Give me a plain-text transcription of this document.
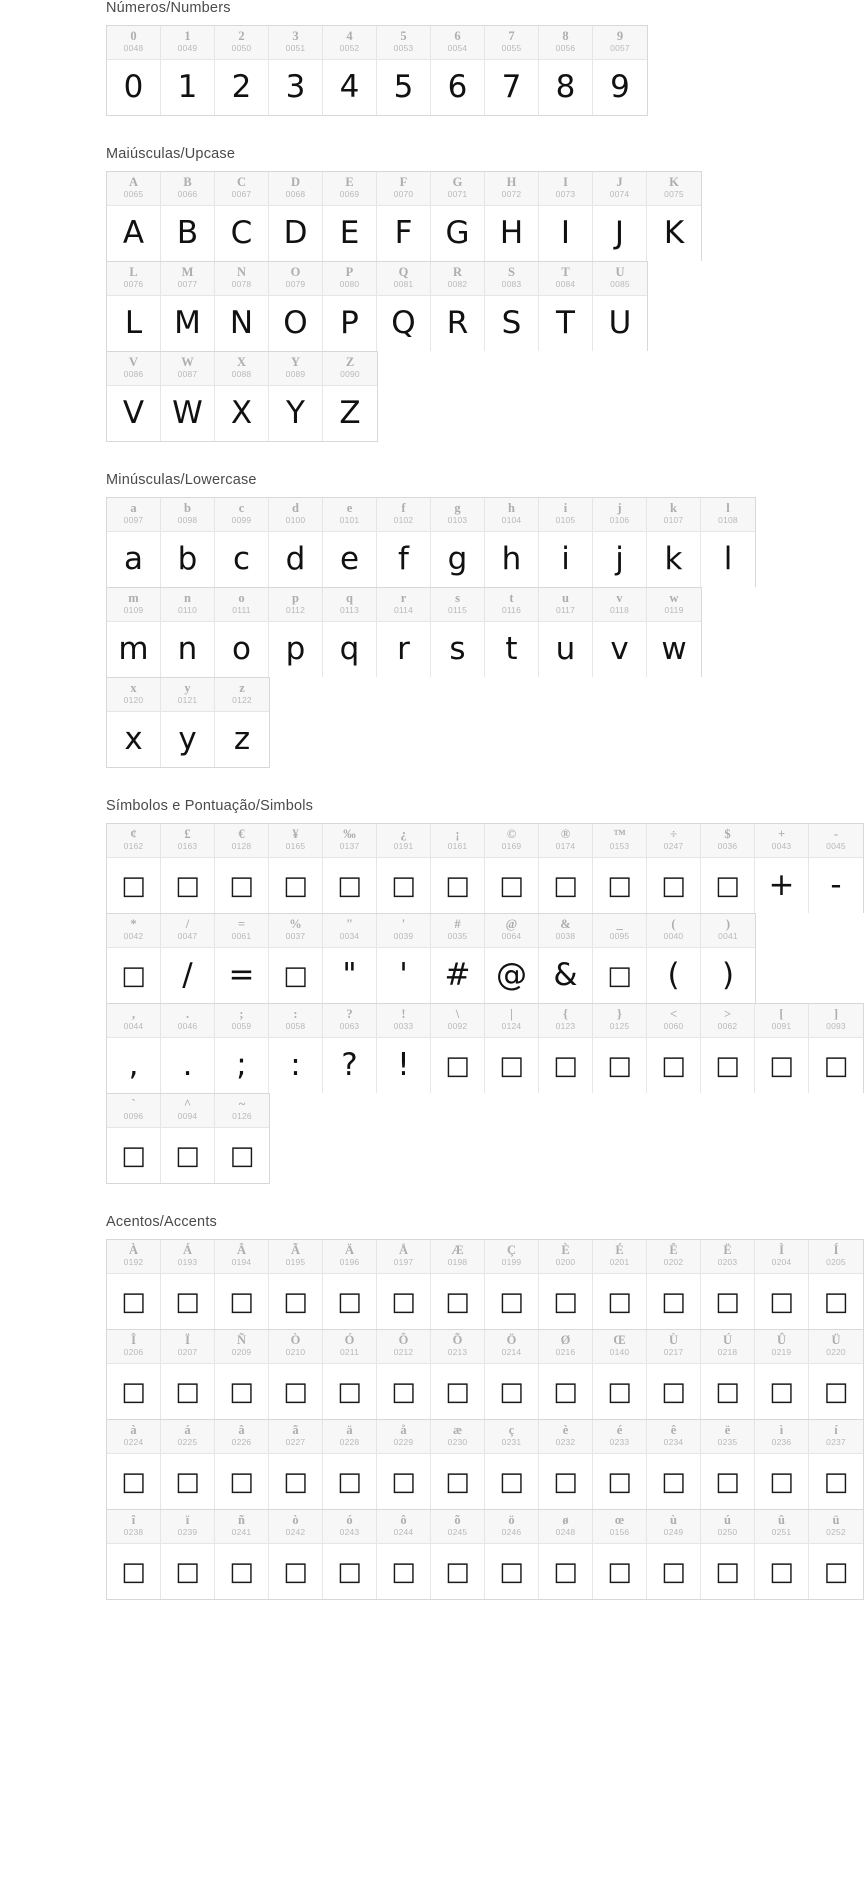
Números/Numbers
0
0048
0
1
0049
1
2
0050
2
3
0051
3
4
0052
4
5
0053
5
6
0054
6
7
0055
7
8
0056
8
9
0057
9
Maiúsculas/Upcase
A
0065
A
B
0066
B
C
0067
C
D
0068
D
E
0069
E
F
0070
F
G
0071
G
H
0072
H
I
0073
I
J
0074
J
K
0075
K
L
0076
L
M
0077
M
N
0078
N
O
0079
O
P
0080
P
Q
0081
Q
R
0082
R
S
0083
S
T
0084
T
U
0085
U
V
0086
V
W
0087
W
X
0088
X
Y
0089
Y
Z
0090
Z
Minúsculas/Lowercase
a
0097
a
b
0098
b
c
0099
c
d
0100
d
e
0101
e
f
0102
f
g
0103
g
h
0104
h
i
0105
i
j
0106
j
k
0107
k
l
0108
l
m
0109
m
n
0110
n
o
0111
o
p
0112
p
q
0113
q
r
0114
r
s
0115
s
t
0116
t
u
0117
u
v
0118
v
w
0119
w
x
0120
x
y
0121
y
z
0122
z
Símbolos e Pontuação/Simbols
¢
0162
□
£
0163
□
€
0128
□
¥
0165
□
‰
0137
□
¿
0191
□
¡
0161
□
©
0169
□
®
0174
□
™
0153
□
÷
0247
□
$
0036
□
+
0043
+
-
0045
-
*
0042
□
/
0047
/
=
0061
=
%
0037
□
"
0034
"
'
0039
'
#
0035
#
@
0064
@
&
0038
&
_
0095
□
(
0040
(
)
0041
)
,
0044
,
.
0046
.
;
0059
;
:
0058
:
?
0063
?
!
0033
!
\
0092
□
|
0124
□
{
0123
□
}
0125
□
<
0060
□
>
0062
□
[
0091
□
]
0093
□
`
0096
□
^
0094
□
~
0126
□
Acentos/Accents
À
0192
□
Á
0193
□
Â
0194
□
Ã
0195
□
Ä
0196
□
Å
0197
□
Æ
0198
□
Ç
0199
□
È
0200
□
É
0201
□
Ê
0202
□
Ë
0203
□
Ì
0204
□
Í
0205
□
Î
0206
□
Ï
0207
□
Ñ
0209
□
Ò
0210
□
Ó
0211
□
Ô
0212
□
Õ
0213
□
Ö
0214
□
Ø
0216
□
Œ
0140
□
Ù
0217
□
Ú
0218
□
Û
0219
□
Ü
0220
□
à
0224
□
á
0225
□
â
0226
□
ã
0227
□
ä
0228
□
å
0229
□
æ
0230
□
ç
0231
□
è
0232
□
é
0233
□
ê
0234
□
ë
0235
□
ì
0236
□
í
0237
□
î
0238
□
ï
0239
□
ñ
0241
□
ò
0242
□
ó
0243
□
ô
0244
□
õ
0245
□
ö
0246
□
ø
0248
□
œ
0156
□
ù
0249
□
ú
0250
□
û
0251
□
ü
0252
□
